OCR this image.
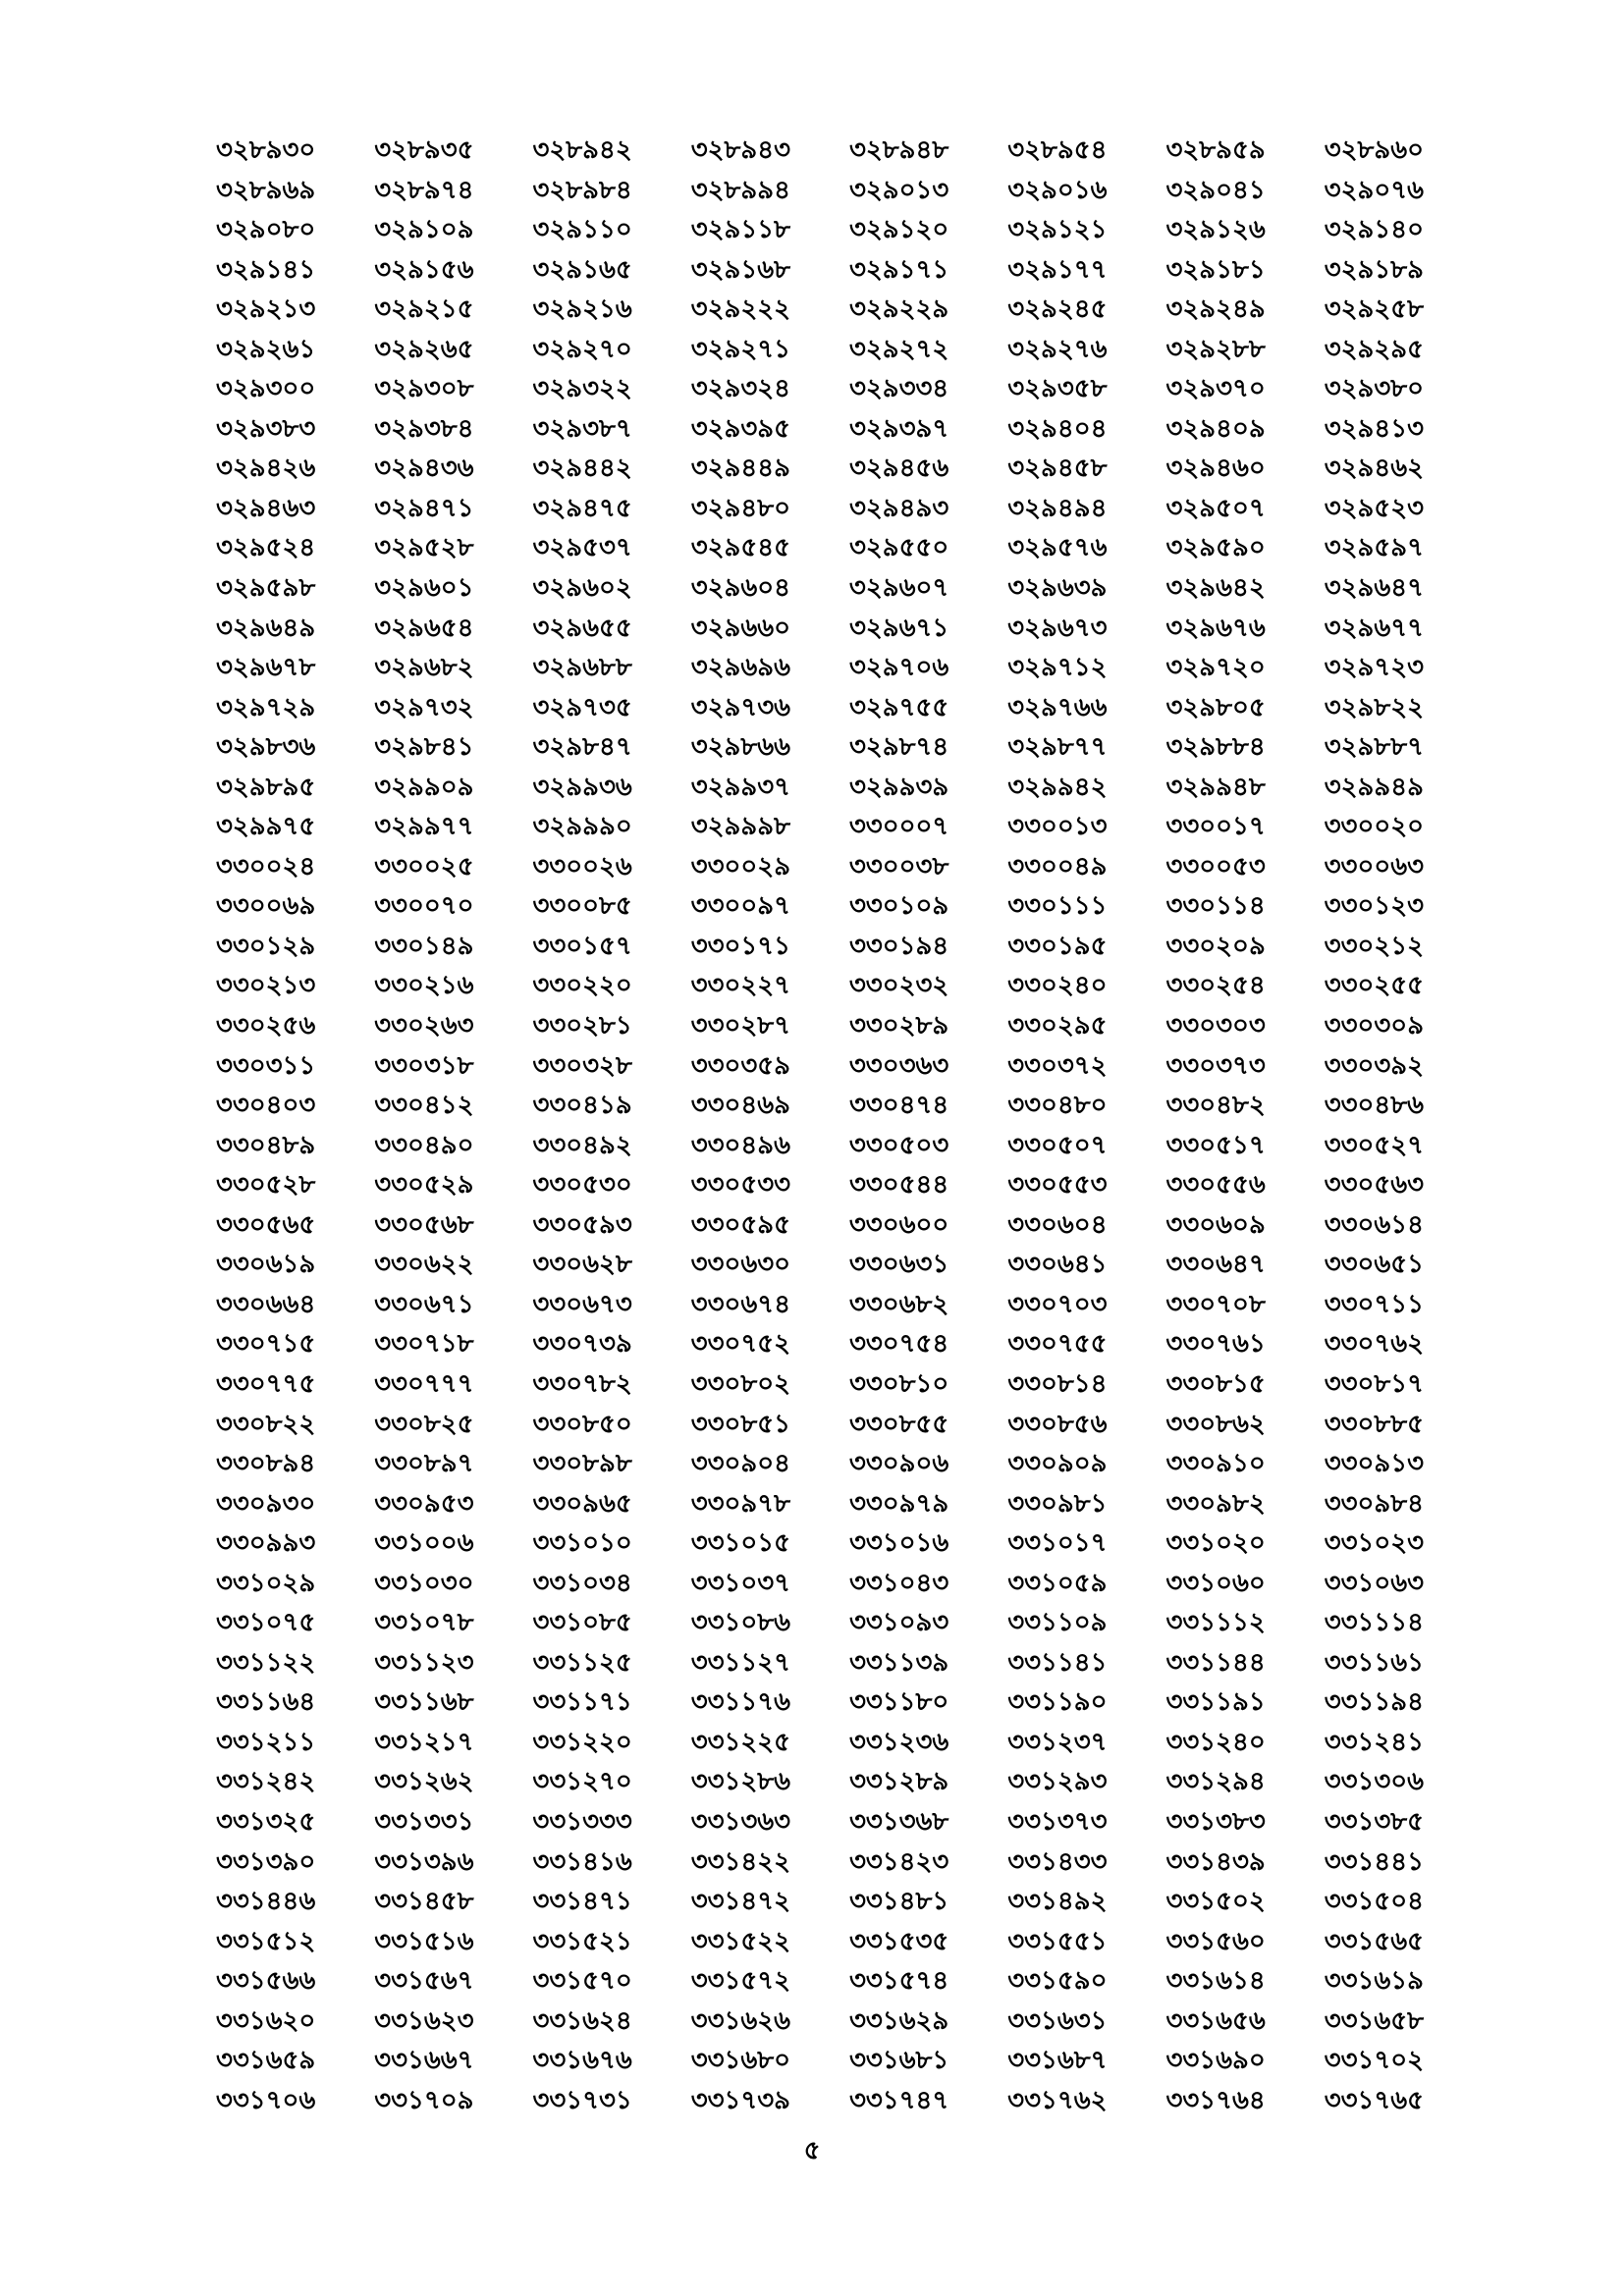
৩২৮৯৩০	৩২৮৯৩৫	৩২৮৯৪২	৩২৮৯৪৩	৩২৮৯৪৮	৩২৮৯৫৪	৩২৮৯৫৯	৩২৮৯৬০
৩২৮৯৬৯	৩২৮৯৭৪	৩২৮৯৮৪	৩২৮৯৯৪	৩২৯০১৩	৩২৯০১৬	৩২৯০৪১	৩২৯০৭৬
৩২৯০৮০	৩২৯১০৯	৩২৯১১০	৩২৯১১৮	৩২৯১২০	৩২৯১২১	৩২৯১২৬	৩২৯১৪০
৩২৯১৪১	৩২৯১৫৬	৩২৯১৬৫	৩২৯১৬৮	৩২৯১৭১	৩২৯১৭৭	৩২৯১৮১	৩২৯১৮৯
৩২৯২১৩	৩২৯২১৫	৩২৯২১৬	৩২৯২২২	৩২৯২২৯	৩২৯২৪৫	৩২৯২৪৯	৩২৯২৫৮
৩২৯২৬১	৩২৯২৬৫	৩২৯২৭০	৩২৯২৭১	৩২৯২৭২	৩২৯২৭৬	৩২৯২৮৮	৩২৯২৯৫
৩২৯৩০০	৩২৯৩০৮	৩২৯৩২২	৩২৯৩২৪	৩২৯৩৩৪	৩২৯৩৫৮	৩২৯৩৭০	৩২৯৩৮০
৩২৯৩৮৩	৩২৯৩৮৪	৩২৯৩৮৭	৩২৯৩৯৫	৩২৯৩৯৭	৩২৯৪০৪	৩২৯৪০৯	৩২৯৪১৩
৩২৯৪২৬	৩২৯৪৩৬	৩২৯৪৪২	৩২৯৪৪৯	৩২৯৪৫৬	৩২৯৪৫৮	৩২৯৪৬০	৩২৯৪৬২
৩২৯৪৬৩	৩২৯৪৭১	৩২৯৪৭৫	৩২৯৪৮০	৩২৯৪৯৩	৩২৯৪৯৪	৩২৯৫০৭	৩২৯৫২৩
৩২৯৫২৪	৩২৯৫২৮	৩২৯৫৩৭	৩২৯৫৪৫	৩২৯৫৫০	৩২৯৫৭৬	৩২৯৫৯০	৩২৯৫৯৭
৩২৯৫৯৮	৩২৯৬০১	৩২৯৬০২	৩২৯৬০৪	৩২৯৬০৭	৩২৯৬৩৯	৩২৯৬৪২	৩২৯৬৪৭
৩২৯৬৪৯	৩২৯৬৫৪	৩২৯৬৫৫	৩২৯৬৬০	৩২৯৬৭১	৩২৯৬৭৩	৩২৯৬৭৬	৩২৯৬৭৭
৩২৯৬৭৮	৩২৯৬৮২	৩২৯৬৮৮	৩২৯৬৯৬	৩২৯৭০৬	৩২৯৭১২	৩২৯৭২০	৩২৯৭২৩
৩২৯৭২৯	৩২৯৭৩২	৩২৯৭৩৫	৩২৯৭৩৬	৩২৯৭৫৫	৩২৯৭৬৬	৩২৯৮০৫	৩২৯৮২২
৩২৯৮৩৬	৩২৯৮৪১	৩২৯৮৪৭	৩২৯৮৬৬	৩২৯৮৭৪	৩২৯৮৭৭	৩২৯৮৮৪	৩২৯৮৮৭
৩২৯৮৯৫	৩২৯৯০৯	৩২৯৯৩৬	৩২৯৯৩৭	৩২৯৯৩৯	৩২৯৯৪২	৩২৯৯৪৮	৩২৯৯৪৯
৩২৯৯৭৫	৩২৯৯৭৭	৩২৯৯৯০	৩২৯৯৯৮	৩৩০০০৭	৩৩০০১৩	৩৩০০১৭	৩৩০০২০
৩৩০০২৪	৩৩০০২৫	৩৩০০২৬	৩৩০০২৯	৩৩০০৩৮	৩৩০০৪৯	৩৩০০৫৩	৩৩০০৬৩
৩৩০০৬৯	৩৩০০৭০	৩৩০০৮৫	৩৩০০৯৭	৩৩০১০৯	৩৩০১১১	৩৩০১১৪	৩৩০১২৩
৩৩০১২৯	৩৩০১৪৯	৩৩০১৫৭	৩৩০১৭১	৩৩০১৯৪	৩৩০১৯৫	৩৩০২০৯	৩৩০২১২
৩৩০২১৩	৩৩০২১৬	৩৩০২২০	৩৩০২২৭	৩৩০২৩২	৩৩০২৪০	৩৩০২৫৪	৩৩০২৫৫
৩৩০২৫৬	৩৩০২৬৩	৩৩০২৮১	৩৩০২৮৭	৩৩০২৮৯	৩৩০২৯৫	৩৩০৩০৩	৩৩০৩০৯
৩৩০৩১১	৩৩০৩১৮	৩৩০৩২৮	৩৩০৩৫৯	৩৩০৩৬৩	৩৩০৩৭২	৩৩০৩৭৩	৩৩০৩৯২
৩৩০৪০৩	৩৩০৪১২	৩৩০৪১৯	৩৩০৪৬৯	৩৩০৪৭৪	৩৩০৪৮০	৩৩০৪৮২	৩৩০৪৮৬
৩৩০৪৮৯	৩৩০৪৯০	৩৩০৪৯২	৩৩০৪৯৬	৩৩০৫০৩	৩৩০৫০৭	৩৩০৫১৭	৩৩০৫২৭
৩৩০৫২৮	৩৩০৫২৯	৩৩০৫৩০	৩৩০৫৩৩	৩৩০৫৪৪	৩৩০৫৫৩	৩৩০৫৫৬	৩৩০৫৬৩
৩৩০৫৬৫	৩৩০৫৬৮	৩৩০৫৯৩	৩৩০৫৯৫	৩৩০৬০০	৩৩০৬০৪	৩৩০৬০৯	৩৩০৬১৪
৩৩০৬১৯	৩৩০৬২২	৩৩০৬২৮	৩৩০৬৩০	৩৩০৬৩১	৩৩০৬৪১	৩৩০৬৪৭	৩৩০৬৫১
৩৩০৬৬৪	৩৩০৬৭১	৩৩০৬৭৩	৩৩০৬৭৪	৩৩০৬৮২	৩৩০৭০৩	৩৩০৭০৮	৩৩০৭১১
৩৩০৭১৫	৩৩০৭১৮	৩৩০৭৩৯	৩৩০৭৫২	৩৩০৭৫৪	৩৩০৭৫৫	৩৩০৭৬১	৩৩০৭৬২
৩৩০৭৭৫	৩৩০৭৭৭	৩৩০৭৮২	৩৩০৮০২	৩৩০৮১০	৩৩০৮১৪	৩৩০৮১৫	৩৩০৮১৭
৩৩০৮২২	৩৩০৮২৫	৩৩০৮৫০	৩৩০৮৫১	৩৩০৮৫৫	৩৩০৮৫৬	৩৩০৮৬২	৩৩০৮৮৫
৩৩০৮৯৪	৩৩০৮৯৭	৩৩০৮৯৮	৩৩০৯০৪	৩৩০৯০৬	৩৩০৯০৯	৩৩০৯১০	৩৩০৯১৩
৩৩০৯৩০	৩৩০৯৫৩	৩৩০৯৬৫	৩৩০৯৭৮	৩৩০৯৭৯	৩৩০৯৮১	৩৩০৯৮২	৩৩০৯৮৪
৩৩০৯৯৩	৩৩১০০৬	৩৩১০১০	৩৩১০১৫	৩৩১০১৬	৩৩১০১৭	৩৩১০২০	৩৩১০২৩
৩৩১০২৯	৩৩১০৩০	৩৩১০৩৪	৩৩১০৩৭	৩৩১০৪৩	৩৩১০৫৯	৩৩১০৬০	৩৩১০৬৩
৩৩১০৭৫	৩৩১০৭৮	৩৩১০৮৫	৩৩১০৮৬	৩৩১০৯৩	৩৩১১০৯	৩৩১১১২	৩৩১১১৪
৩৩১১২২	৩৩১১২৩	৩৩১১২৫	৩৩১১২৭	৩৩১১৩৯	৩৩১১৪১	৩৩১১৪৪	৩৩১১৬১
৩৩১১৬৪	৩৩১১৬৮	৩৩১১৭১	৩৩১১৭৬	৩৩১১৮০	৩৩১১৯০	৩৩১১৯১	৩৩১১৯৪
৩৩১২১১	৩৩১২১৭	৩৩১২২০	৩৩১২২৫	৩৩১২৩৬	৩৩১২৩৭	৩৩১২৪০	৩৩১২৪১
৩৩১২৪২	৩৩১২৬২	৩৩১২৭০	৩৩১২৮৬	৩৩১২৮৯	৩৩১২৯৩	৩৩১২৯৪	৩৩১৩০৬
৩৩১৩২৫	৩৩১৩৩১	৩৩১৩৩৩	৩৩১৩৬৩	৩৩১৩৬৮	৩৩১৩৭৩	৩৩১৩৮৩	৩৩১৩৮৫
৩৩১৩৯০	৩৩১৩৯৬	৩৩১৪১৬	৩৩১৪২২	৩৩১৪২৩	৩৩১৪৩৩	৩৩১৪৩৯	৩৩১৪৪১
৩৩১৪৪৬	৩৩১৪৫৮	৩৩১৪৭১	৩৩১৪৭২	৩৩১৪৮১	৩৩১৪৯২	৩৩১৫০২	৩৩১৫০৪
৩৩১৫১২	৩৩১৫১৬	৩৩১৫২১	৩৩১৫২২	৩৩১৫৩৫	৩৩১৫৫১	৩৩১৫৬০	৩৩১৫৬৫
৩৩১৫৬৬	৩৩১৫৬৭	৩৩১৫৭০	৩৩১৫৭২	৩৩১৫৭৪	৩৩১৫৯০	৩৩১৬১৪	৩৩১৬১৯
৩৩১৬২০	৩৩১৬২৩	৩৩১৬২৪	৩৩১৬২৬	৩৩১৬২৯	৩৩১৬৩১	৩৩১৬৫৬	৩৩১৬৫৮
৩৩১৬৫৯	৩৩১৬৬৭	৩৩১৬৭৬	৩৩১৬৮০	৩৩১৬৮১	৩৩১৬৮৭	৩৩১৬৯০	৩৩১৭০২
৩৩১৭০৬	৩৩১৭০৯	৩৩১৭৩১	৩৩১৭৩৯	৩৩১৭৪৭	৩৩১৭৬২	৩৩১৭৬৪	৩৩১৭৬৫
৫
